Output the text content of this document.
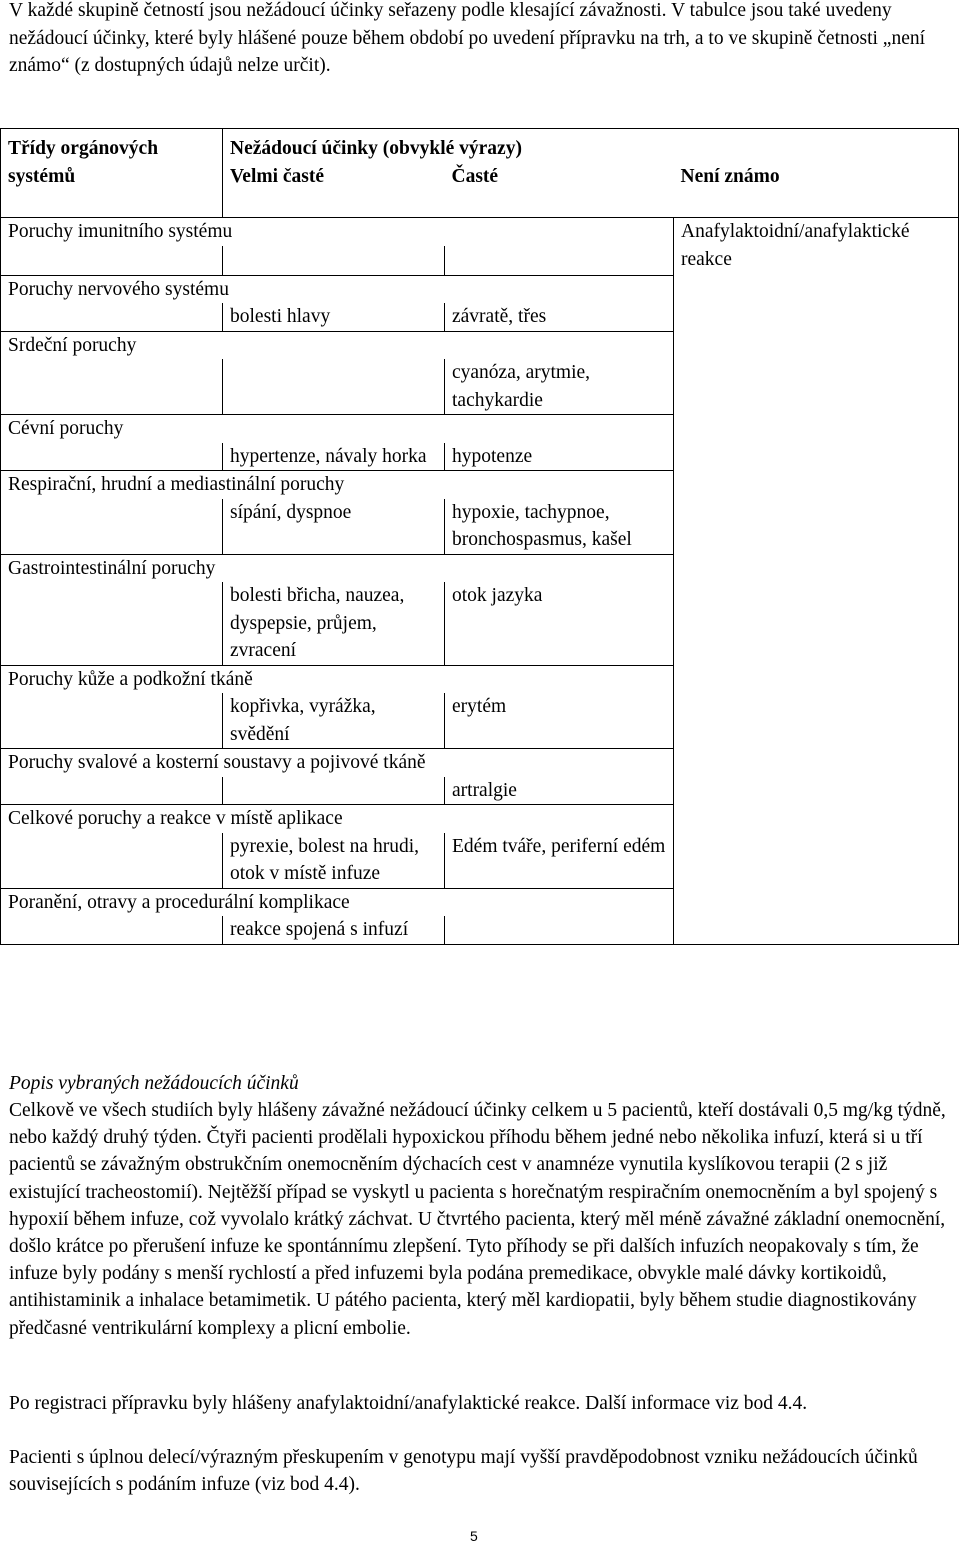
V každé skupině četností jsou nežádoucí účinky seřazeny podle klesající závažnosti. V tabulce jsou také uvedeny nežádoucí účinky, které byly hlášené pouze během období po uvedení přípravku na trh, a to ve skupině četnosti „není známo“ (z dostupných údajů nelze určit).

Třídy orgánových systémů	Nežádoucí účinky (obvyklé výrazy)		
	Velmi časté	Časté	Není známo
Poruchy imunitního systému			Anafylaktoidní/anafylaktické reakce

Poruchy nervového systému			
	bolesti hlavy	závratě, třes	
Srdeční poruchy			
		cyanóza, arytmie, tachykardie	
Cévní poruchy			
	hypertenze, návaly horka	hypotenze	
Respirační, hrudní a mediastinální poruchy			
	sípání, dyspnoe	hypoxie, tachypnoe, bronchospasmus, kašel	
Gastrointestinální poruchy			
	bolesti břicha, nauzea, dyspepsie, průjem, zvracení	otok jazyka	
Poruchy kůže a podkožní tkáně			
	kopřivka, vyrážka, svědění	erytém	
Poruchy svalové a kosterní soustavy a pojivové tkáně			
		artralgie	
Celkové poruchy a reakce v místě aplikace			
	pyrexie, bolest na hrudi, otok v místě infuze	Edém tváře, periferní edém	
Poranění, otravy a procedurální komplikace			
	reakce spojená s infuzí		

Popis vybraných nežádoucích účinků

Celkově ve všech studiích byly hlášeny závažné nežádoucí účinky celkem u 5 pacientů, kteří dostávali 0,5 mg/kg týdně, nebo každý druhý týden. Čtyři pacienti prodělali hypoxickou příhodu během jedné nebo několika infuzí, která si u tří pacientů se závažným obstrukčním onemocněním dýchacích cest v anamnéze vynutila kyslíkovou terapii (2 s již existující tracheostomií). Nejtěžší případ se vyskytl u pacienta s horečnatým respiračním onemocněním a byl spojený s hypoxií během infuze, což vyvolalo krátký záchvat. U čtvrtého pacienta, který měl méně závažné základní onemocnění, došlo krátce po přerušení infuze ke spontánnímu zlepšení. Tyto příhody se při dalších infuzích neopakovaly s tím, že infuze byly podány s menší rychlostí a před infuzemi byla podána premedikace, obvykle malé dávky kortikoidů, antihistaminik a inhalace betamimetik. U pátého pacienta, který měl kardiopatii, byly během studie diagnostikovány předčasné ventrikulární komplexy a plicní embolie.

Po registraci přípravku byly hlášeny anafylaktoidní/anafylaktické reakce. Další informace viz bod 4.4.

Pacienti s úplnou delecí/výrazným přeskupením v genotypu mají vyšší pravděpodobnost vzniku nežádoucích účinků souvisejících s podáním infuze (viz bod 4.4).

5
